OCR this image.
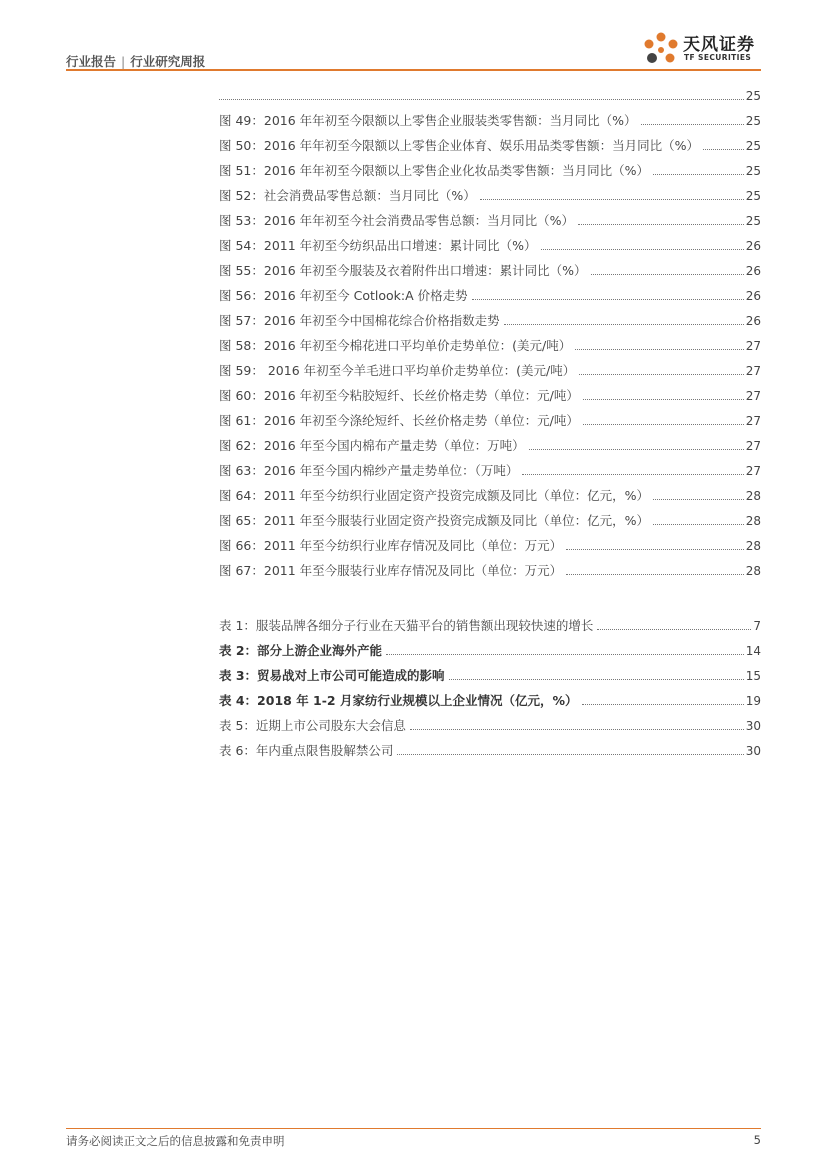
行业报告 | 行业研究周报
天风证券
TF SECURITIES
25
图 49：2016 年年初至今限额以上零售企业服装类零售额：当月同比（%）	25
图 50：2016 年年初至今限额以上零售企业体育、娱乐用品类零售额：当月同比（%）	25
图 51：2016 年年初至今限额以上零售企业化妆品类零售额：当月同比（%）	25
图 52：社会消费品零售总额：当月同比（%）	25
图 53：2016 年年初至今社会消费品零售总额：当月同比（%）	25
图 54：2011 年初至今纺织品出口增速：累计同比（%）	26
图 55：2016 年初至今服装及衣着附件出口增速：累计同比（%）	26
图 56：2016 年初至今 Cotlook:A 价格走势	26
图 57：2016 年初至今中国棉花综合价格指数走势	26
图 58：2016 年初至今棉花进口平均单价走势单位：(美元/吨）	27
图 59： 2016 年初至今羊毛进口平均单价走势单位：(美元/吨）	27
图 60：2016 年初至今粘胶短纤、长丝价格走势（单位：元/吨）	27
图 61：2016 年初至今涤纶短纤、长丝价格走势（单位：元/吨）	27
图 62：2016 年至今国内棉布产量走势（单位：万吨）	27
图 63：2016 年至今国内棉纱产量走势单位：（万吨）	27
图 64：2011 年至今纺织行业固定资产投资完成额及同比（单位：亿元，%）	28
图 65：2011 年至今服装行业固定资产投资完成额及同比（单位：亿元，%）	28
图 66：2011 年至今纺织行业库存情况及同比（单位：万元）	28
图 67：2011 年至今服装行业库存情况及同比（单位：万元）	28
表 1：服装品牌各细分子行业在天猫平台的销售额出现较快速的增长	7
表 2：部分上游企业海外产能	14
表 3：贸易战对上市公司可能造成的影响	15
表 4：2018 年 1-2 月家纺行业规模以上企业情况（亿元，%）	19
表 5：近期上市公司股东大会信息	30
表 6：年内重点限售股解禁公司	30
请务必阅读正文之后的信息披露和免责申明	5
